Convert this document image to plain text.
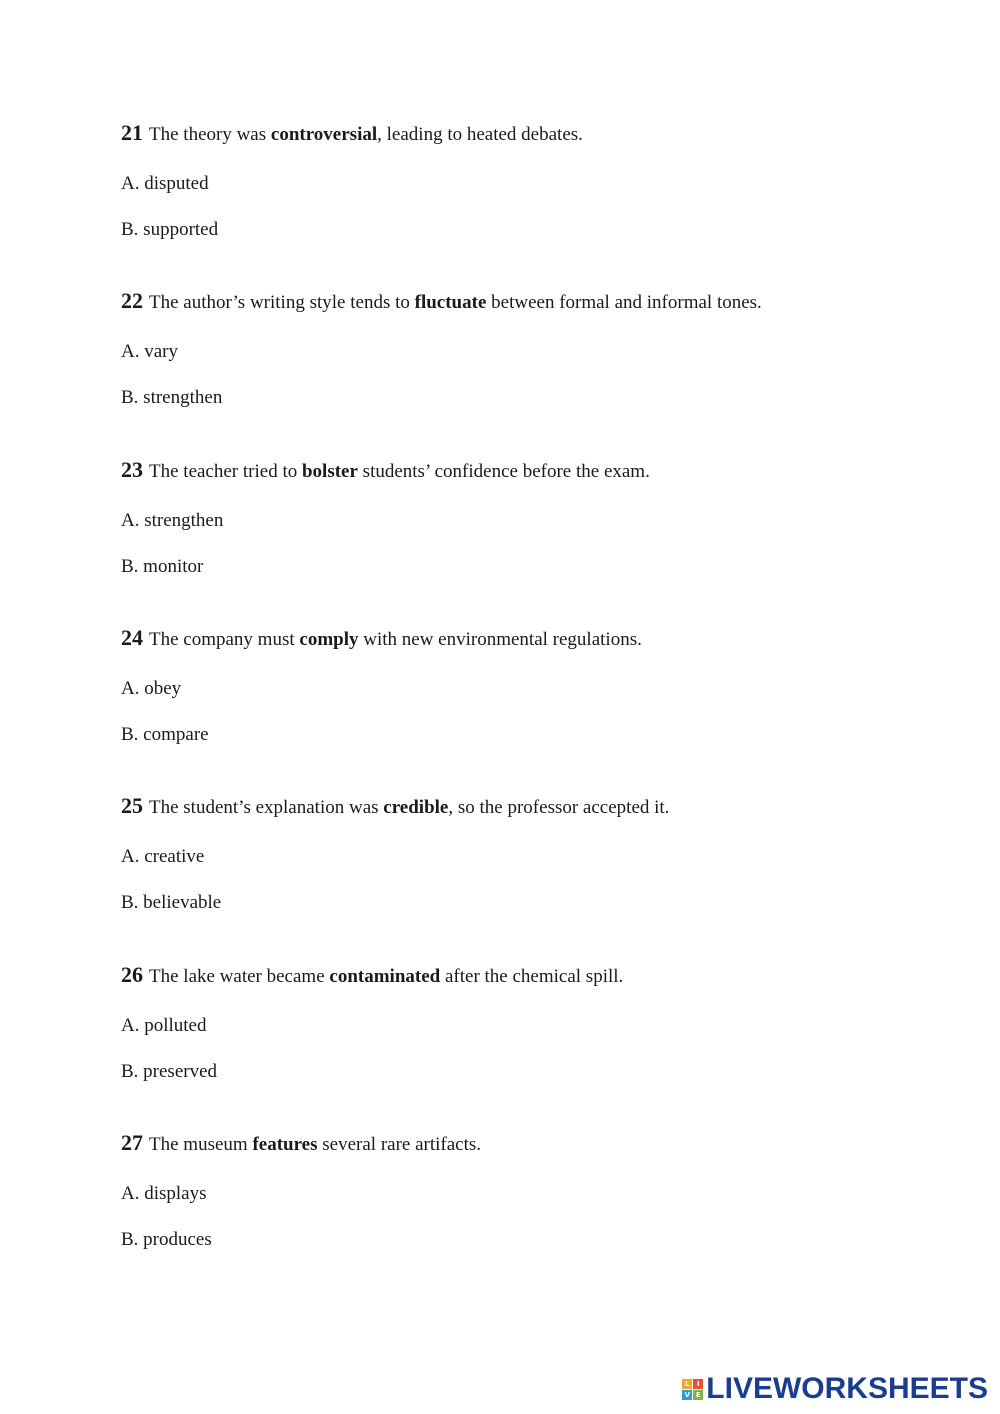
21 The theory was controversial, leading to heated debates.
A. disputed
B. supported
22 The author’s writing style tends to fluctuate between formal and informal tones.
A. vary
B. strengthen
23 The teacher tried to bolster students’ confidence before the exam.
A. strengthen
B. monitor
24 The company must comply with new environmental regulations.
A. obey
B. compare
25 The student’s explanation was credible, so the professor accepted it.
A. creative
B. believable
26 The lake water became contaminated after the chemical spill.
A. polluted
B. preserved
27 The museum features several rare artifacts.
A. displays
B. produces
L	I
V E LIVEWORKSHEETS
